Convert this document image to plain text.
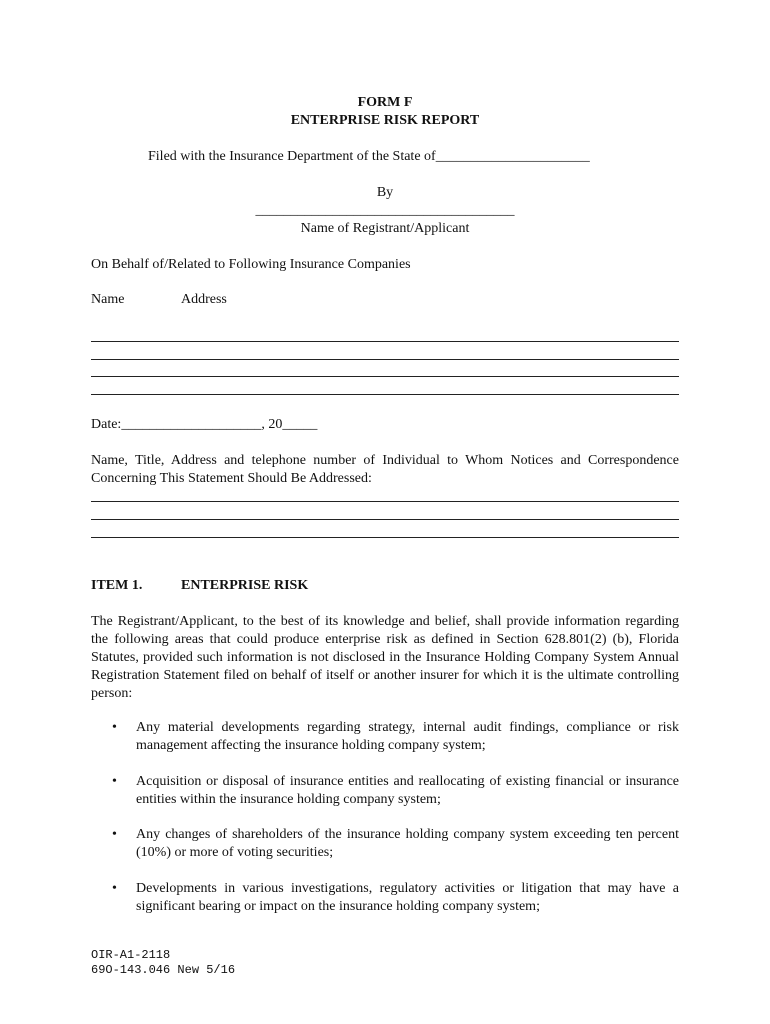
FORM F

ENTERPRISE RISK REPORT

Filed with the Insurance Department of the State of______________________

By

_____________________________________

Name of Registrant/Applicant

On Behalf of/Related to Following Insurance Companies

Name	Address

Date:____________________, 20_____

Name, Title, Address and telephone number of Individual to Whom Notices and Correspondence Concerning This Statement Should Be Addressed:

ITEM 1.	ENTERPRISE RISK

The Registrant/Applicant, to the best of its knowledge and belief, shall provide information regarding the following areas that could produce enterprise risk as defined in Section 628.801(2) (b), Florida Statutes, provided such information is not disclosed in the Insurance Holding Company System Annual Registration Statement filed on behalf of itself or another insurer for which it is the ultimate controlling person:

• Any material developments regarding strategy, internal audit findings, compliance or risk management affecting the insurance holding company system;

• Acquisition or disposal of insurance entities and reallocating of existing financial or insurance entities within the insurance holding company system;

• Any changes of shareholders of the insurance holding company system exceeding ten percent (10%) or more of voting securities;

• Developments in various investigations, regulatory activities or litigation that may have a significant bearing or impact on the insurance holding company system;

OIR-A1-2118

69O-143.046 New 5/16
